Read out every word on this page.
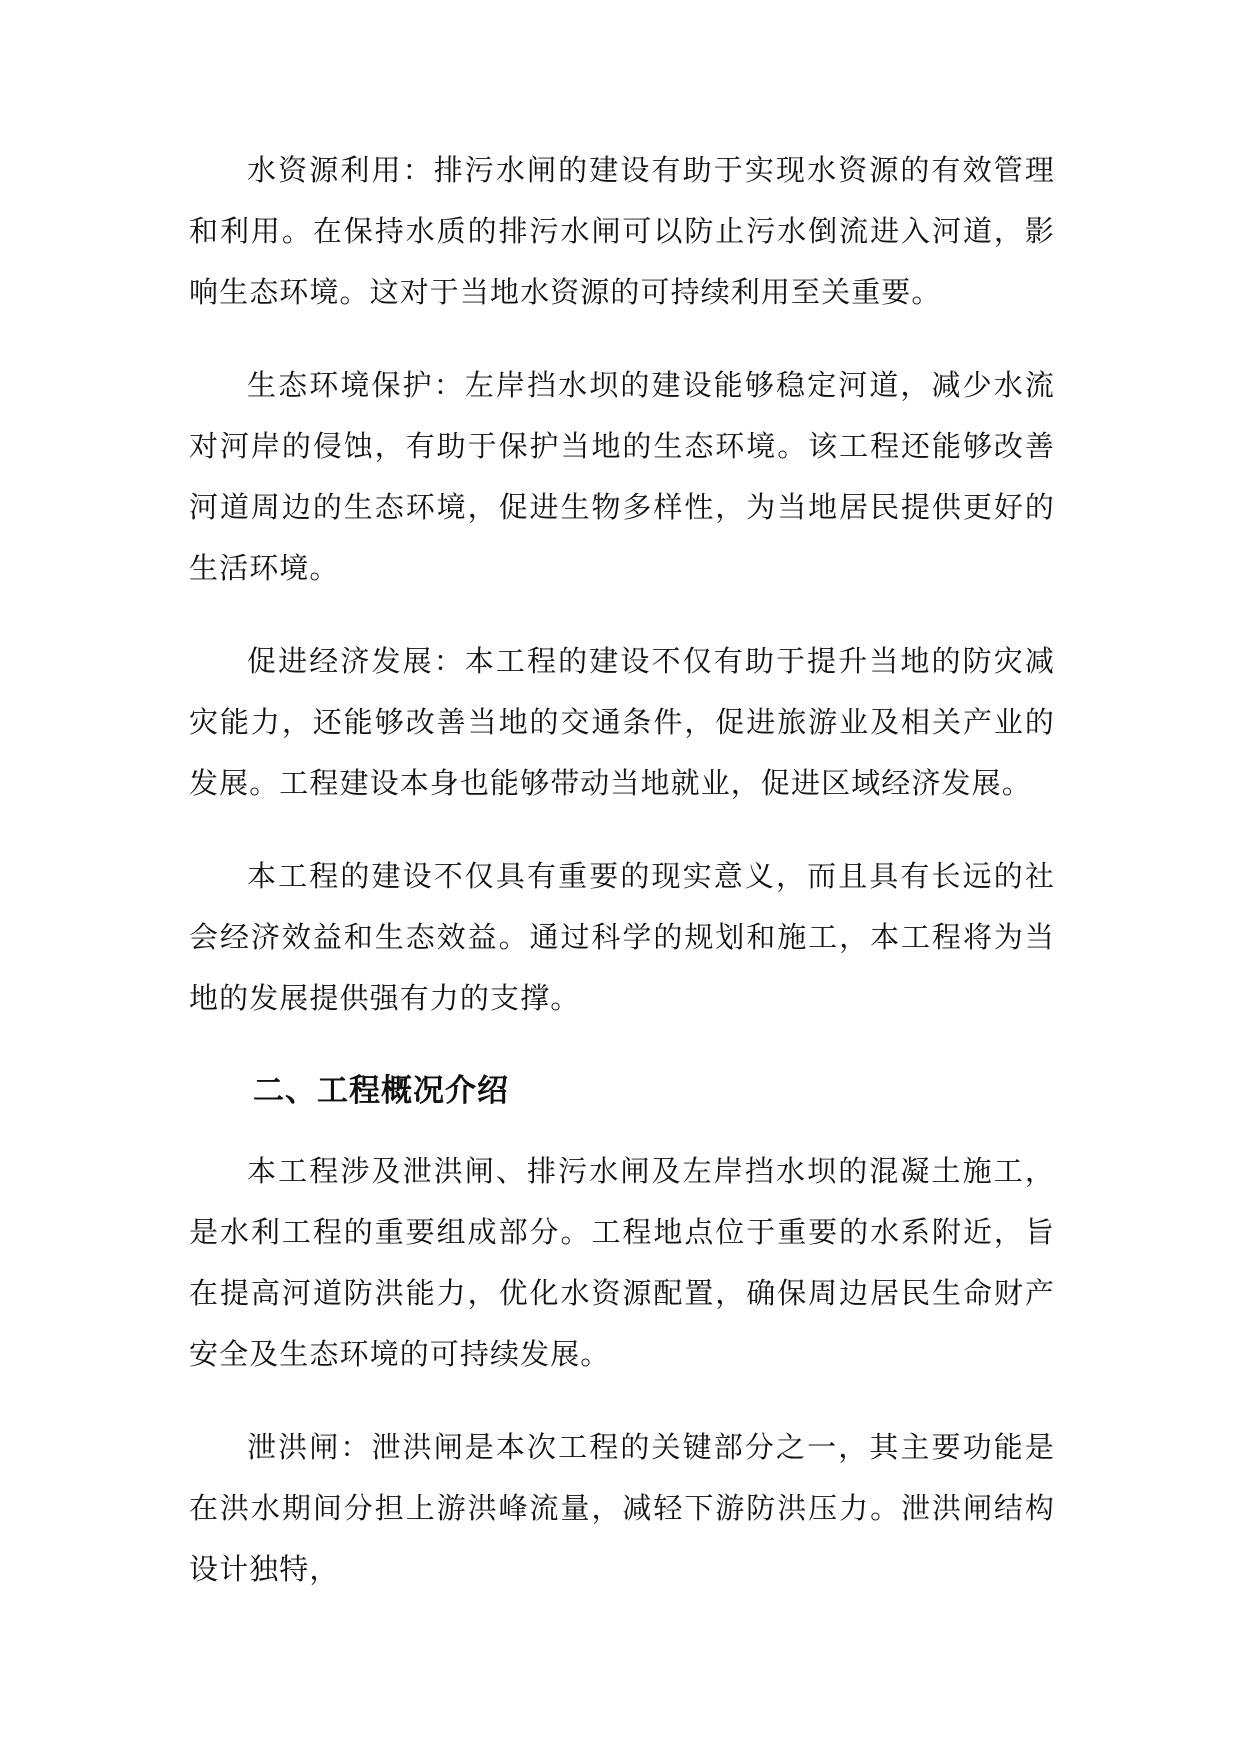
水资源利用：排污水闸的建设有助于实现水资源的有效管理和利用。在保持水质的排污水闸可以防止污水倒流进入河道，影响生态环境。这对于当地水资源的可持续利用至关重要。

生态环境保护：左岸挡水坝的建设能够稳定河道，减少水流对河岸的侵蚀，有助于保护当地的生态环境。该工程还能够改善河道周边的生态环境，促进生物多样性，为当地居民提供更好的生活环境。

促进经济发展：本工程的建设不仅有助于提升当地的防灾减灾能力，还能够改善当地的交通条件，促进旅游业及相关产业的发展。工程建设本身也能够带动当地就业，促进区域经济发展。

本工程的建设不仅具有重要的现实意义，而且具有长远的社会经济效益和生态效益。通过科学的规划和施工，本工程将为当地的发展提供强有力的支撑。

二、工程概况介绍

本工程涉及泄洪闸、排污水闸及左岸挡水坝的混凝土施工，是水利工程的重要组成部分。工程地点位于重要的水系附近，旨在提高河道防洪能力，优化水资源配置，确保周边居民生命财产安全及生态环境的可持续发展。

泄洪闸：泄洪闸是本次工程的关键部分之一，其主要功能是在洪水期间分担上游洪峰流量，减轻下游防洪压力。泄洪闸结构设计独特，
